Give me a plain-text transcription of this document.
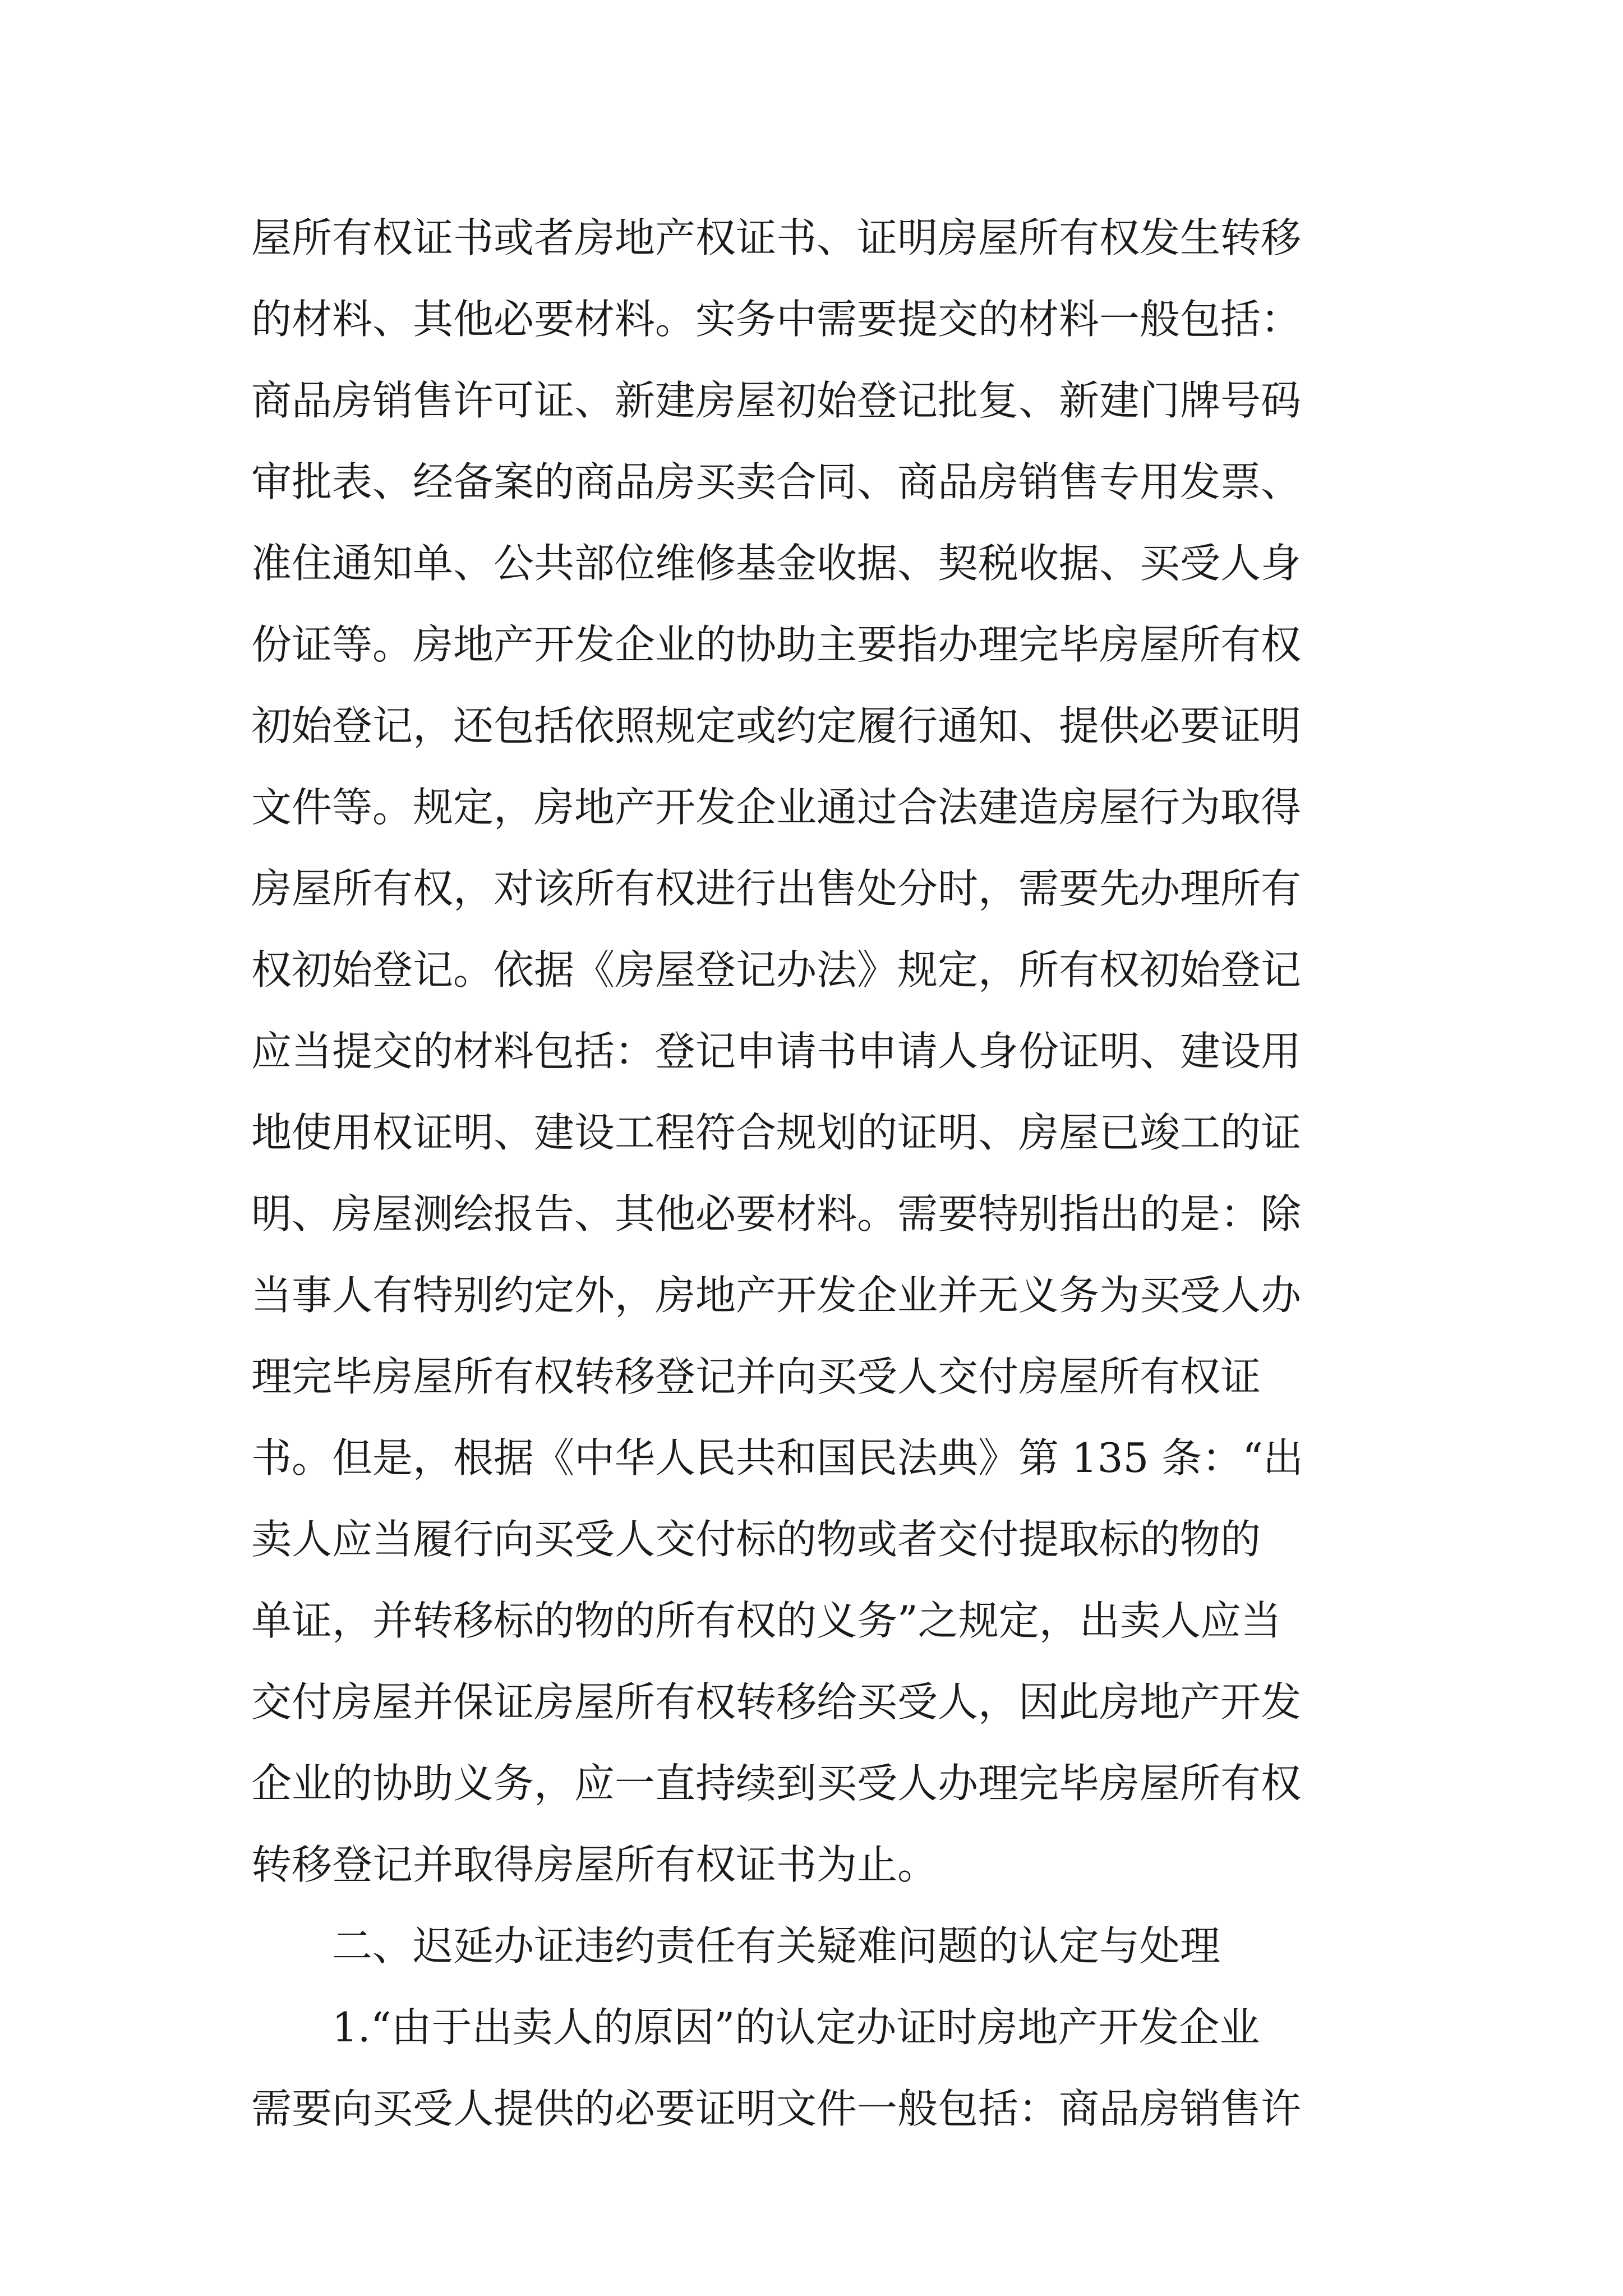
屋所有权证书或者房地产权证书、证明房屋所有权发生转移
的材料、其他必要材料。实务中需要提交的材料一般包括：
商品房销售许可证、新建房屋初始登记批复、新建门牌号码
审批表、经备案的商品房买卖合同、商品房销售专用发票、
准住通知单、公共部位维修基金收据、契税收据、买受人身
份证等。房地产开发企业的协助主要指办理完毕房屋所有权
初始登记，还包括依照规定或约定履行通知、提供必要证明
文件等。规定，房地产开发企业通过合法建造房屋行为取得
房屋所有权，对该所有权进行出售处分时，需要先办理所有
权初始登记。依据《房屋登记办法》规定，所有权初始登记
应当提交的材料包括：登记申请书申请人身份证明、建设用
地使用权证明、建设工程符合规划的证明、房屋已竣工的证
明、房屋测绘报告、其他必要材料。需要特别指出的是：除
当事人有特别约定外，房地产开发企业并无义务为买受人办
理完毕房屋所有权转移登记并向买受人交付房屋所有权证
书。但是，根据《中华人民共和国民法典》第 135 条：“出
卖人应当履行向买受人交付标的物或者交付提取标的物的
单证，并转移标的物的所有权的义务”之规定，出卖人应当
交付房屋并保证房屋所有权转移给买受人，因此房地产开发
企业的协助义务，应一直持续到买受人办理完毕房屋所有权
转移登记并取得房屋所有权证书为止。
二、迟延办证违约责任有关疑难问题的认定与处理
1.“由于出卖人的原因”的认定办证时房地产开发企业
需要向买受人提供的必要证明文件一般包括：商品房销售许
